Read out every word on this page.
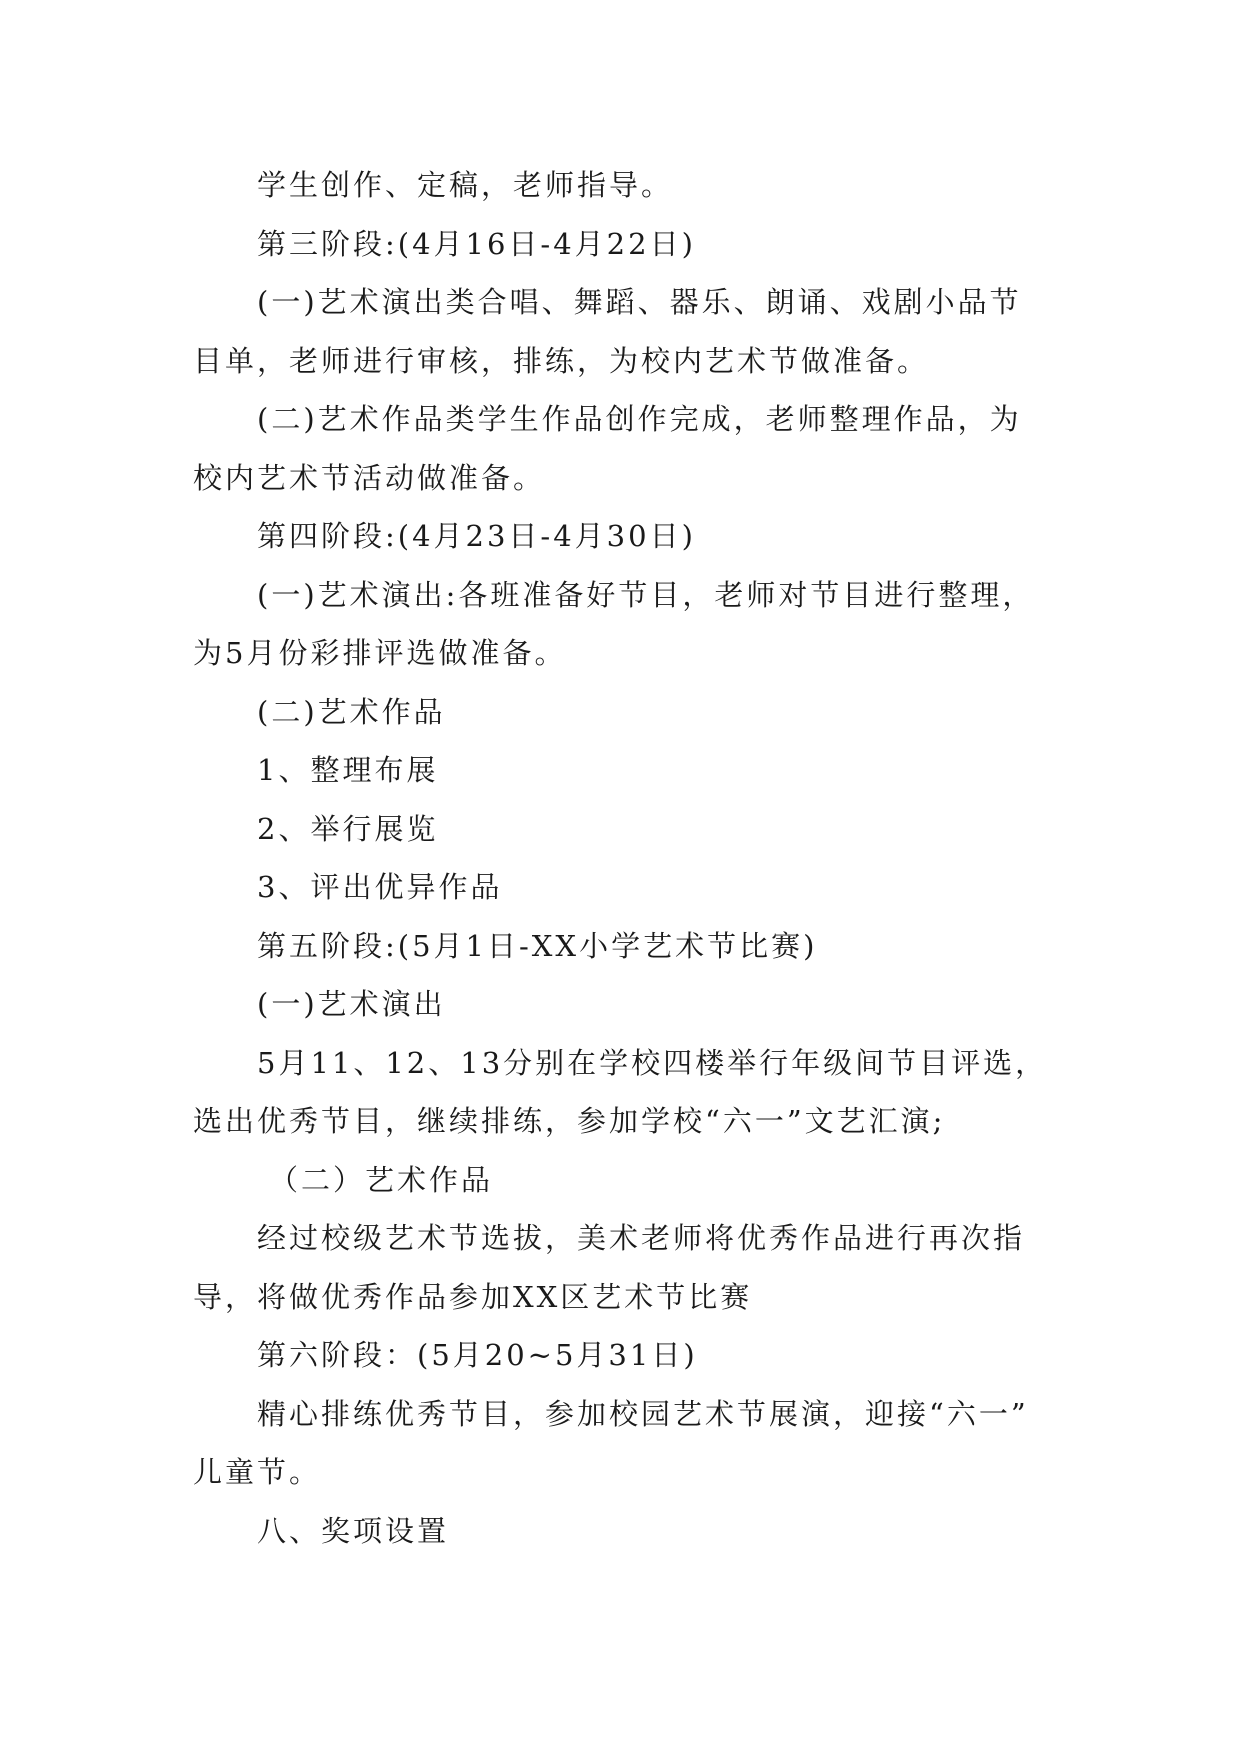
学生创作、定稿，老师指导。

第三阶段:(4月16日-4月22日)

(一)艺术演出类合唱、舞蹈、器乐、朗诵、戏剧小品节

目单，老师进行审核，排练，为校内艺术节做准备。

(二)艺术作品类学生作品创作完成，老师整理作品，为

校内艺术节活动做准备。

第四阶段:(4月23日-4月30日)

(一)艺术演出:各班准备好节目，老师对节目进行整理，

为5月份彩排评选做准备。

(二)艺术作品

1、整理布展

2、举行展览

3、评出优异作品

第五阶段:(5月1日-XX小学艺术节比赛)

(一)艺术演出

5月11、12、13分别在学校四楼举行年级间节目评选，

选出优秀节目，继续排练，参加学校“六一”文艺汇演;

（二）艺术作品

经过校级艺术节选拔，美术老师将优秀作品进行再次指

导，将做优秀作品参加XX区艺术节比赛

第六阶段：(5月20~5月31日)

精心排练优秀节目，参加校园艺术节展演，迎接“六一”

儿童节。

八、奖项设置
